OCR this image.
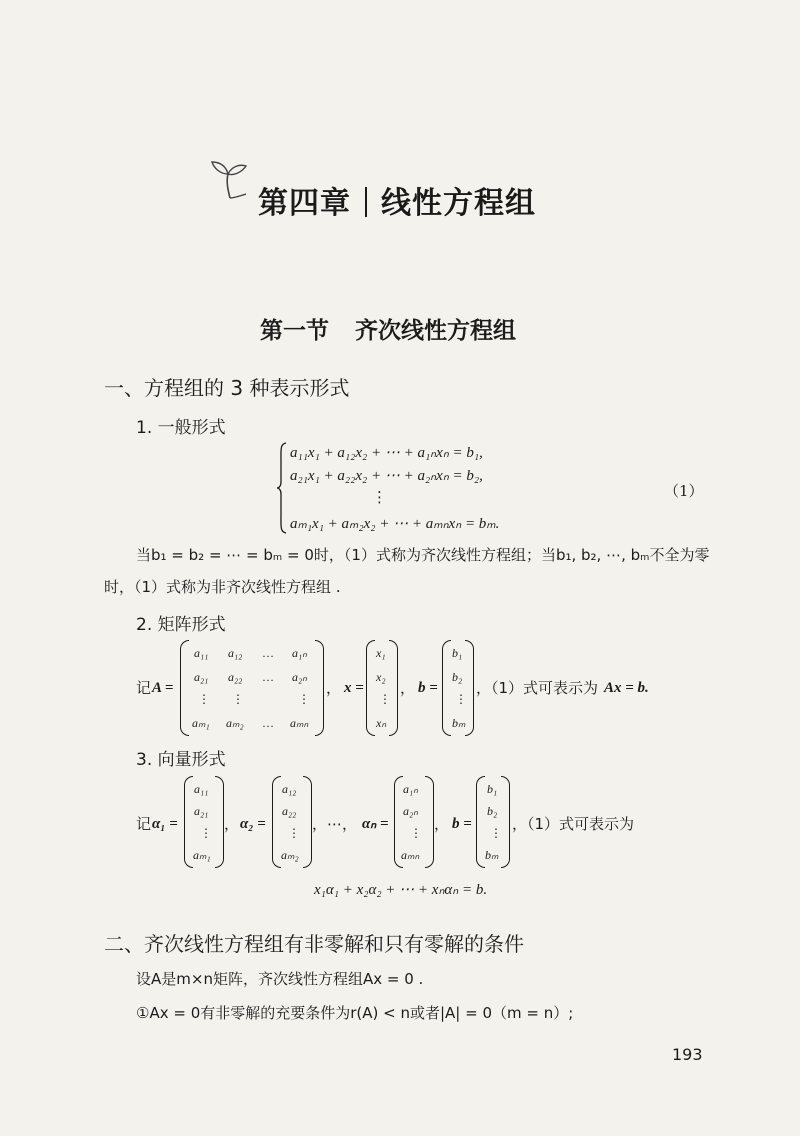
第四章 线性方程组
第一节 齐次线性方程组
一、方程组的 3 种表示形式
1. 一般形式
a₁₁x₁ + a₁₂x₂ + ⋯ + a₁ₙxₙ = b₁,
a₂₁x₁ + a₂₂x₂ + ⋯ + a₂ₙxₙ = b₂,
⋮
aₘ₁x₁ + aₘ₂x₂ + ⋯ + aₘₙxₙ = bₘ.
（1）
当b₁ = b₂ = ⋯ = bₘ = 0时，（1）式称为齐次线性方程组；当b₁, b₂, ⋯, bₘ不全为零
时，（1）式称为非齐次线性方程组 .
2. 矩阵形式
记 A =
a₁₁ a₁₂ … a₁ₙ
a₂₁ a₂₂ … a₂ₙ
⋮ ⋮	⋮
aₘ₁ aₘ₂ … aₘₙ
， x =
x₁
x₂
⋮
xₙ
， b =
b₁
b₂
⋮
bₘ
，（1）式可表示为 Ax = b.
3. 向量形式
记 α₁ =
a₁₁
a₂₁
⋮
aₘ₁
， α₂ =
a₁₂
a₂₂
⋮
aₘ₂
，⋯， αₙ =
a₁ₙ
a₂ₙ
⋮
aₘₙ
， b =
b₁
b₂
⋮
bₘ
，（1）式可表示为
x₁α₁ + x₂α₂ + ⋯ + xₙαₙ = b.
二、齐次线性方程组有非零解和只有零解的条件
设A是m×n矩阵，齐次线性方程组Ax = 0 .
①Ax = 0有非零解的充要条件为r(A) < n或者|A| = 0（m = n）;
193
